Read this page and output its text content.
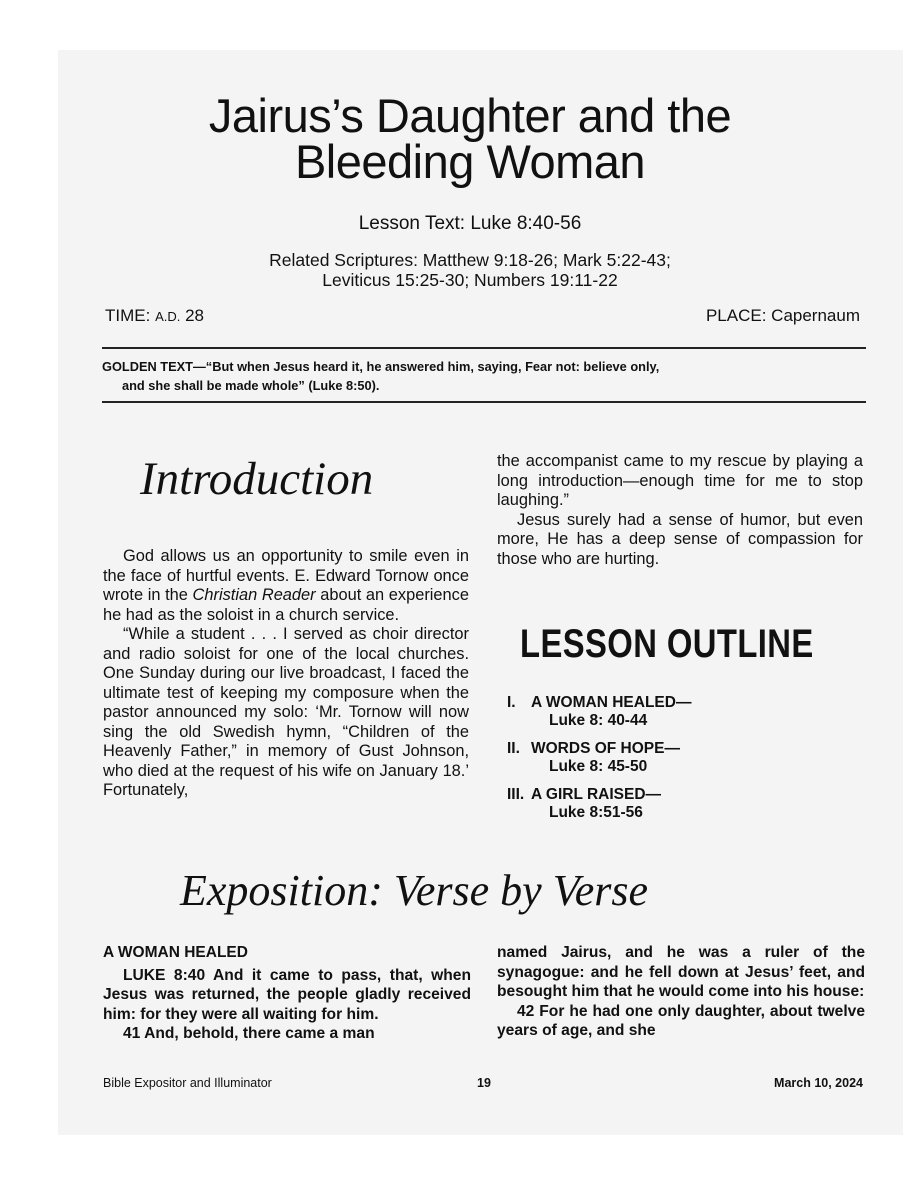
Jairus’s Daughter and the
Bleeding Woman
Lesson Text: Luke 8:40-56
Related Scriptures: Matthew 9:18-26; Mark 5:22-43;
Leviticus 15:25-30; Numbers 19:11-22
TIME: A.D. 28	PLACE: Capernaum
GOLDEN TEXT—“But when Jesus heard it, he answered him, saying, Fear not: believe only,
and she shall be made whole” (Luke 8:50).
Introduction

God allows us an opportunity to smile even in the face of hurtful events. E. Edward Tornow once wrote in the Christian Reader about an experience he had as the soloist in a church service.

“While a student . . . I served as choir director and radio soloist for one of the local churches. One Sunday during our live broadcast, I faced the ultimate test of keeping my composure when the pastor announced my solo: ‘Mr. Tornow will now sing the old Swedish hymn, “Children of the Heavenly Father,” in memory of Gust Johnson, who died at the request of his wife on January 18.’ Fortunately,

the accompanist came to my rescue by playing a long introduction—enough time for me to stop laughing.”

Jesus surely had a sense of humor, but even more, He has a deep sense of compassion for those who are hurting.

LESSON OUTLINE
I. A WOMAN HEALED—
Luke 8: 40-44
II. WORDS OF HOPE—
Luke 8: 45-50
III. A GIRL RAISED—
Luke 8:51-56
Exposition: Verse by Verse

A WOMAN HEALED

LUKE 8:40 And it came to pass, that, when Jesus was returned, the people gladly received him: for they were all waiting for him.

41 And, behold, there came a man

named Jairus, and he was a ruler of the synagogue: and he fell down at Jesus’ feet, and besought him that he would come into his house:

42 For he had one only daughter, about twelve years of age, and she

Bible Expositor and Illuminator	19	March 10, 2024
